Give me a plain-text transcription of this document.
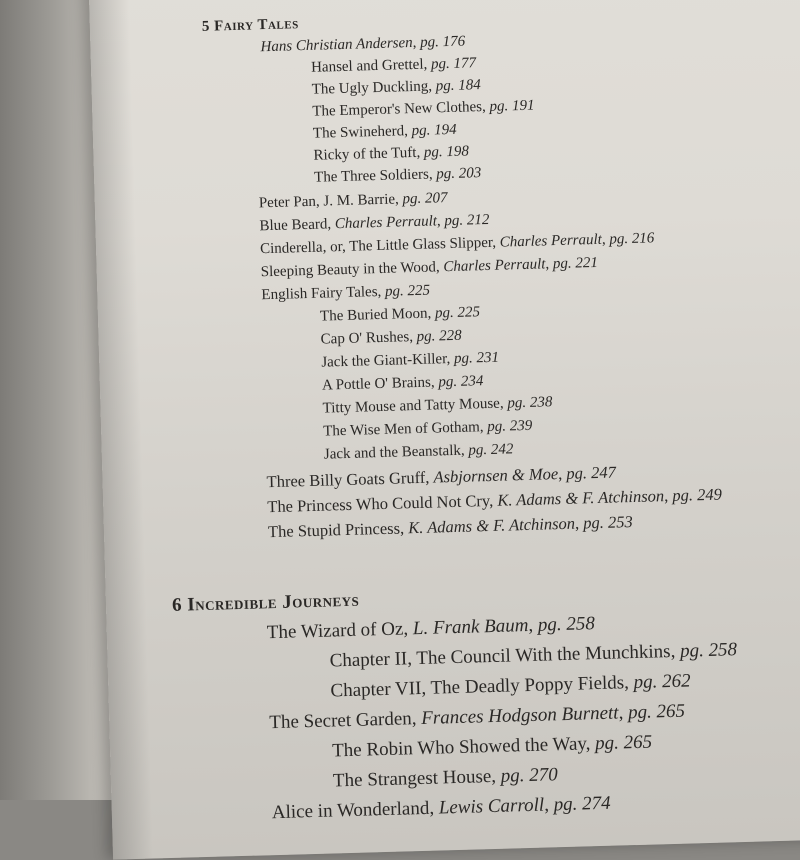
5 Fairy Tales
Hans Christian Andersen, pg. 176
Hansel and Grettel, pg. 177
The Ugly Duckling, pg. 184
The Emperor's New Clothes, pg. 191
The Swineherd, pg. 194
Ricky of the Tuft, pg. 198
The Three Soldiers, pg. 203
Peter Pan, J. M. Barrie, pg. 207
Blue Beard, Charles Perrault, pg. 212
Cinderella, or, The Little Glass Slipper, Charles Perrault, pg. 216
Sleeping Beauty in the Wood, Charles Perrault, pg. 221
English Fairy Tales, pg. 225
The Buried Moon, pg. 225
Cap O' Rushes, pg. 228
Jack the Giant-Killer, pg. 231
A Pottle O' Brains, pg. 234
Titty Mouse and Tatty Mouse, pg. 238
The Wise Men of Gotham, pg. 239
Jack and the Beanstalk, pg. 242
Three Billy Goats Gruff, Asbjornsen & Moe, pg. 247
The Princess Who Could Not Cry, K. Adams & F. Atchinson, pg. 249
The Stupid Princess, K. Adams & F. Atchinson, pg. 253
6 Incredible Journeys
The Wizard of Oz, L. Frank Baum, pg. 258
Chapter II, The Council With the Munchkins, pg. 258
Chapter VII, The Deadly Poppy Fields, pg. 262
The Secret Garden, Frances Hodgson Burnett, pg. 265
The Robin Who Showed the Way, pg. 265
The Strangest House, pg. 270
Alice in Wonderland, Lewis Carroll, pg. 274
